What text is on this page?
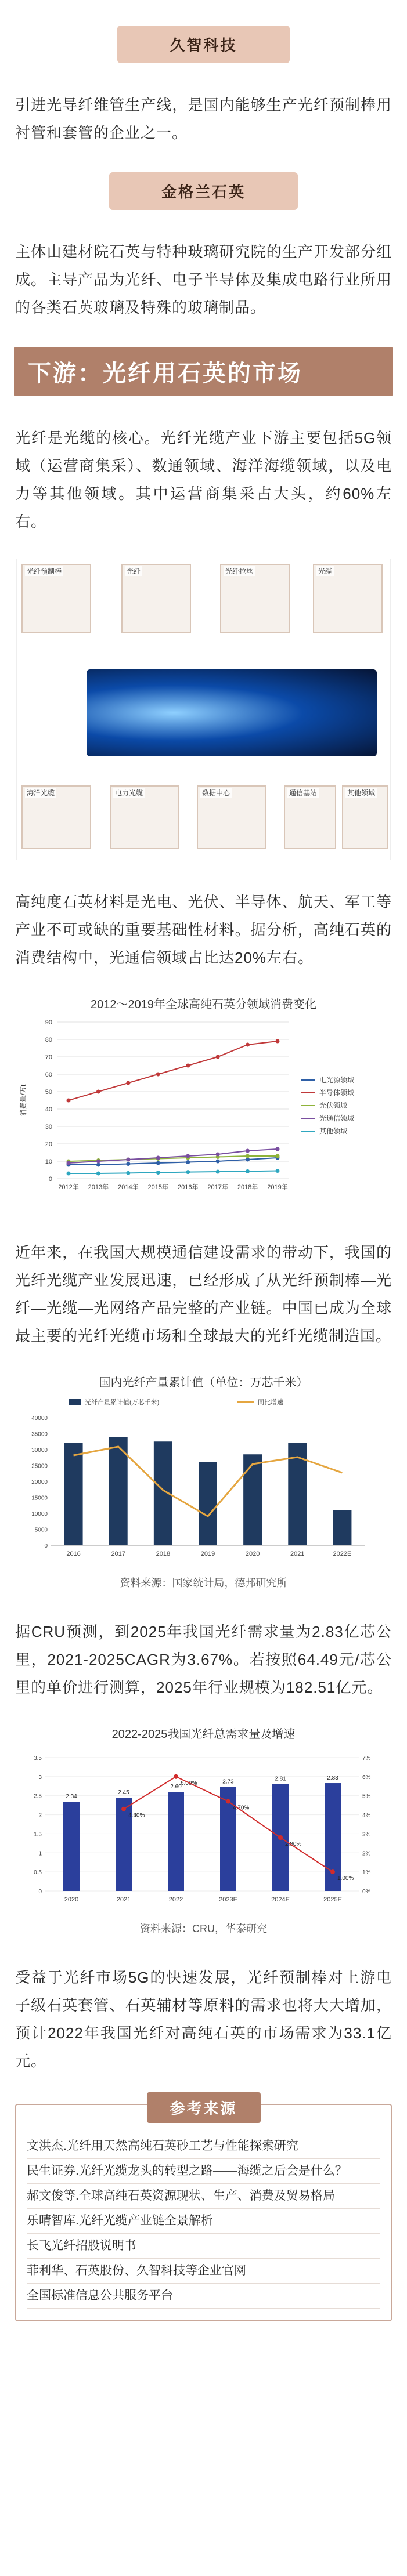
久智科技

引进光导纤维管生产线，是国内能够生产光纤预制棒用衬管和套管的企业之一。

金格兰石英

主体由建材院石英与特种玻璃研究院的生产开发部分组成。主导产品为光纤、电子半导体及集成电路行业所用的各类石英玻璃及特殊的玻璃制品。

下游：光纤用石英的市场

光纤是光缆的核心。光纤光缆产业下游主要包括5G领域（运营商集采）、数通领域、海洋海缆领域，以及电力等其他领域。其中运营商集采占大头，约60%左右。

光纤预制棒	光纤	光纤拉丝	光缆
海洋光缆	电力光缆	数据中心	通信基站	其他领域

高纯度石英材料是光电、光伏、半导体、航天、军工等产业不可或缺的重要基础性材料。据分析，高纯石英的消费结构中，光通信领域占比达20%左右。

2012～2019年全球高纯石英分领域消费变化
0
10
20
30
40
50
60
70
80
90
消费量/万t
2012年 2013年 2014年 2015年 2016年 2017年 2018年 2019年
电光源领域
半导体领域
光伏领域
光通信领域
其他领域

近年来，在我国大规模通信建设需求的带动下，我国的光纤光缆产业发展迅速，已经形成了从光纤预制棒—光纤—光缆—光网络产品完整的产业链。中国已成为全球最主要的光纤光缆市场和全球最大的光纤光缆制造国。

国内光纤产量累计值（单位：万芯千米）
光纤产量累计值(万芯千米)	同比增速
0
5000
10000
15000
20000
25000
30000
35000
40000
2016	2017	2018	2019	2020	2021	2022E
资料来源：国家统计局，德邦研究所

据CRU预测，到2025年我国光纤需求量为2.83亿芯公里，2021-2025CAGR为3.67%。若按照64.49元/芯公里的单价进行测算，2025年行业规模为182.51亿元。

2022-2025我国光纤总需求量及增速
0
0.5
1
1.5
2
2.5
3
3.5
0%
1%
2%
3%
4%
5%
6%
7%
2.34
2020
2.45
2021
4.30%
2.60
2022
6.00%	2.73
2023E
4.70%
2.81
2024E
2.80%
2.83
2025E
1.00%
资料来源：CRU，华泰研究

受益于光纤市场5G的快速发展，光纤预制棒对上游电子级石英套管、石英辅材等原料的需求也将大大增加，预计2022年我国光纤对高纯石英的市场需求为33.1亿元。

参考来源
文洪杰.光纤用天然高纯石英砂工艺与性能探索研究
民生证券.光纤光缆龙头的转型之路——海缆之后会是什么？
郝文俊等.全球高纯石英资源现状、生产、消费及贸易格局
乐晴智库.光纤光缆产业链全景解析
长飞光纤招股说明书
菲利华、石英股份、久智科技等企业官网
全国标准信息公共服务平台
